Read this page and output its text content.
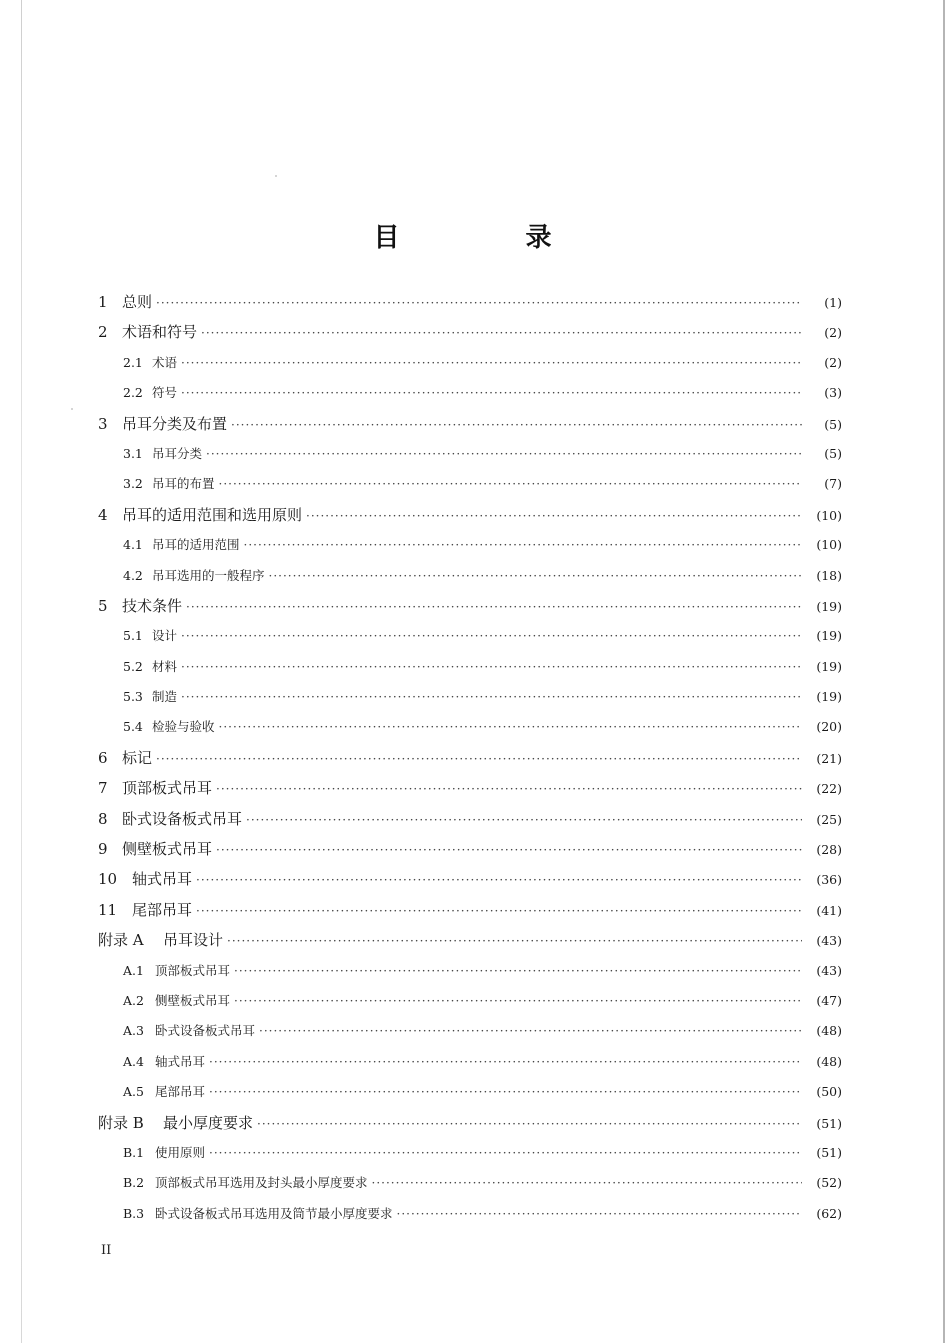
目　录
1 总则 ·····	(1)
2 术语和符号 ·····	(2)
2.1 术语 ·····	(2)
2.2 符号 ·····	(3)
3 吊耳分类及布置 ·····	(5)
3.1 吊耳分类 ·····	(5)
3.2 吊耳的布置 ·····	(7)
4 吊耳的适用范围和选用原则 ·····	(10)
4.1 吊耳的适用范围 ·····	(10)
4.2 吊耳选用的一般程序 ·····	(18)
5 技术条件 ·····	(19)
5.1 设计 ·····	(19)
5.2 材料 ·····	(19)
5.3 制造 ·····	(19)
5.4 检验与验收 ·····	(20)
6 标记 ·····	(21)
7 顶部板式吊耳 ·····	(22)
8 卧式设备板式吊耳 ·····	(25)
9 侧壁板式吊耳 ·····	(28)
10 轴式吊耳 ·····	(36)
11 尾部吊耳 ·····	(41)
附录 A	吊耳设计 ·····	(43)
A.1 顶部板式吊耳 ·····	(43)
A.2 侧壁板式吊耳 ·····	(47)
A.3 卧式设备板式吊耳 ·····	(48)
A.4 轴式吊耳 ·····	(48)
A.5 尾部吊耳 ·····	(50)
附录 B	最小厚度要求 ·····	(51)
B.1 使用原则 ·····	(51)
B.2 顶部板式吊耳选用及封头最小厚度要求 ·····	(52)
B.3 卧式设备板式吊耳选用及筒节最小厚度要求 ·····	(62)
II
